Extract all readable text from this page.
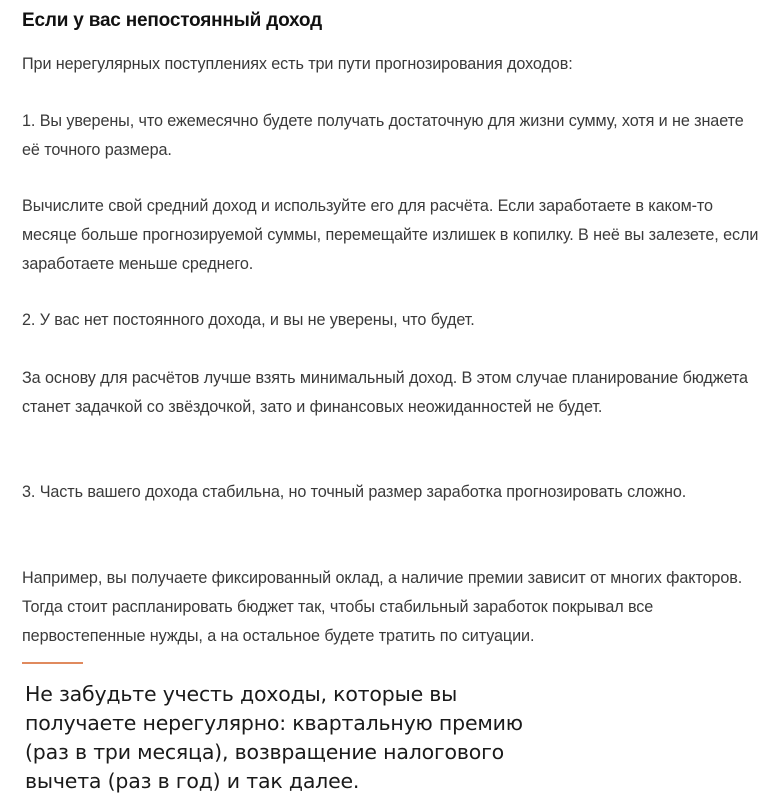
Если у вас непостоянный доход

При нерегулярных поступлениях есть три пути прогнозирования доходов:

1. Вы уверены, что ежемесячно будете получать достаточную для жизни сумму, хотя и не знаете её точного размера.

Вычислите свой средний доход и используйте его для расчёта. Если заработаете в каком-то месяце больше прогнозируемой суммы, перемещайте излишек в копилку. В неё вы залезете, если заработаете меньше среднего.

2. У вас нет постоянного дохода, и вы не уверены, что будет.

За основу для расчётов лучше взять минимальный доход. В этом случае планирование бюджета станет задачкой со звёздочкой, зато и финансовых неожиданностей не будет.

3. Часть вашего дохода стабильна, но точный размер заработка прогнозировать сложно.

Например, вы получаете фиксированный оклад, а наличие премии зависит от многих факторов. Тогда стоит распланировать бюджет так, чтобы стабильный заработок покрывал все первостепенные нужды, а на остальное будете тратить по ситуации.

Не забудьте учесть доходы, которые вы получаете нерегулярно: квартальную премию (раз в три месяца), возвращение налогового вычета (раз в год) и так далее.
